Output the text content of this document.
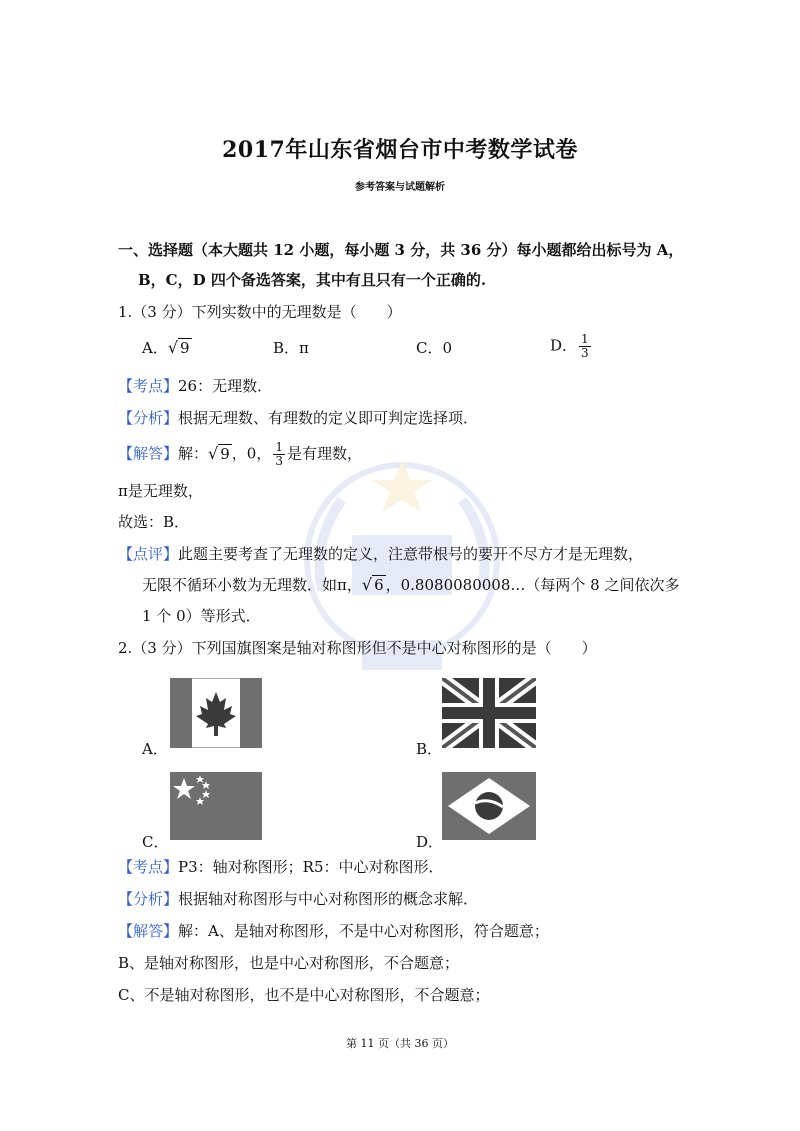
2017年山东省烟台市中考数学试卷
参考答案与试题解析
一、选择题（本大题共 12 小题，每小题 3 分，共 36 分）每小题都给出标号为 A，
B，C，D 四个备选答案，其中有且只有一个正确的.
1.（3 分）下列实数中的无理数是（　　）
A．√ 9	B．π	C．0	D． $\frac{1}{3}$
【考点】26：无理数．
【分析】根据无理数、有理数的定义即可判定选择项．
【解答】解：√ 9 ，0， $\frac{1}{3}$ 是有理数，
π是无理数，
故选：B．
【点评】此题主要考查了无理数的定义，注意带根号的要开不尽方才是无理数，
无限不循环小数为无理数．如π，√ 6 ，0.8080080008…（每两个 8 之间依次多
1 个 0）等形式．
2.（3 分）下列国旗图案是轴对称图形但不是中心对称图形的是（　　）
A．	B．
C．	D．
【考点】P3：轴对称图形；R5：中心对称图形．
【分析】根据轴对称图形与中心对称图形的概念求解．
【解答】解：A、是轴对称图形，不是中心对称图形，符合题意；
B、是轴对称图形，也是中心对称图形，不合题意；
C、不是轴对称图形，也不是中心对称图形，不合题意；
第 11 页（共 36 页）
